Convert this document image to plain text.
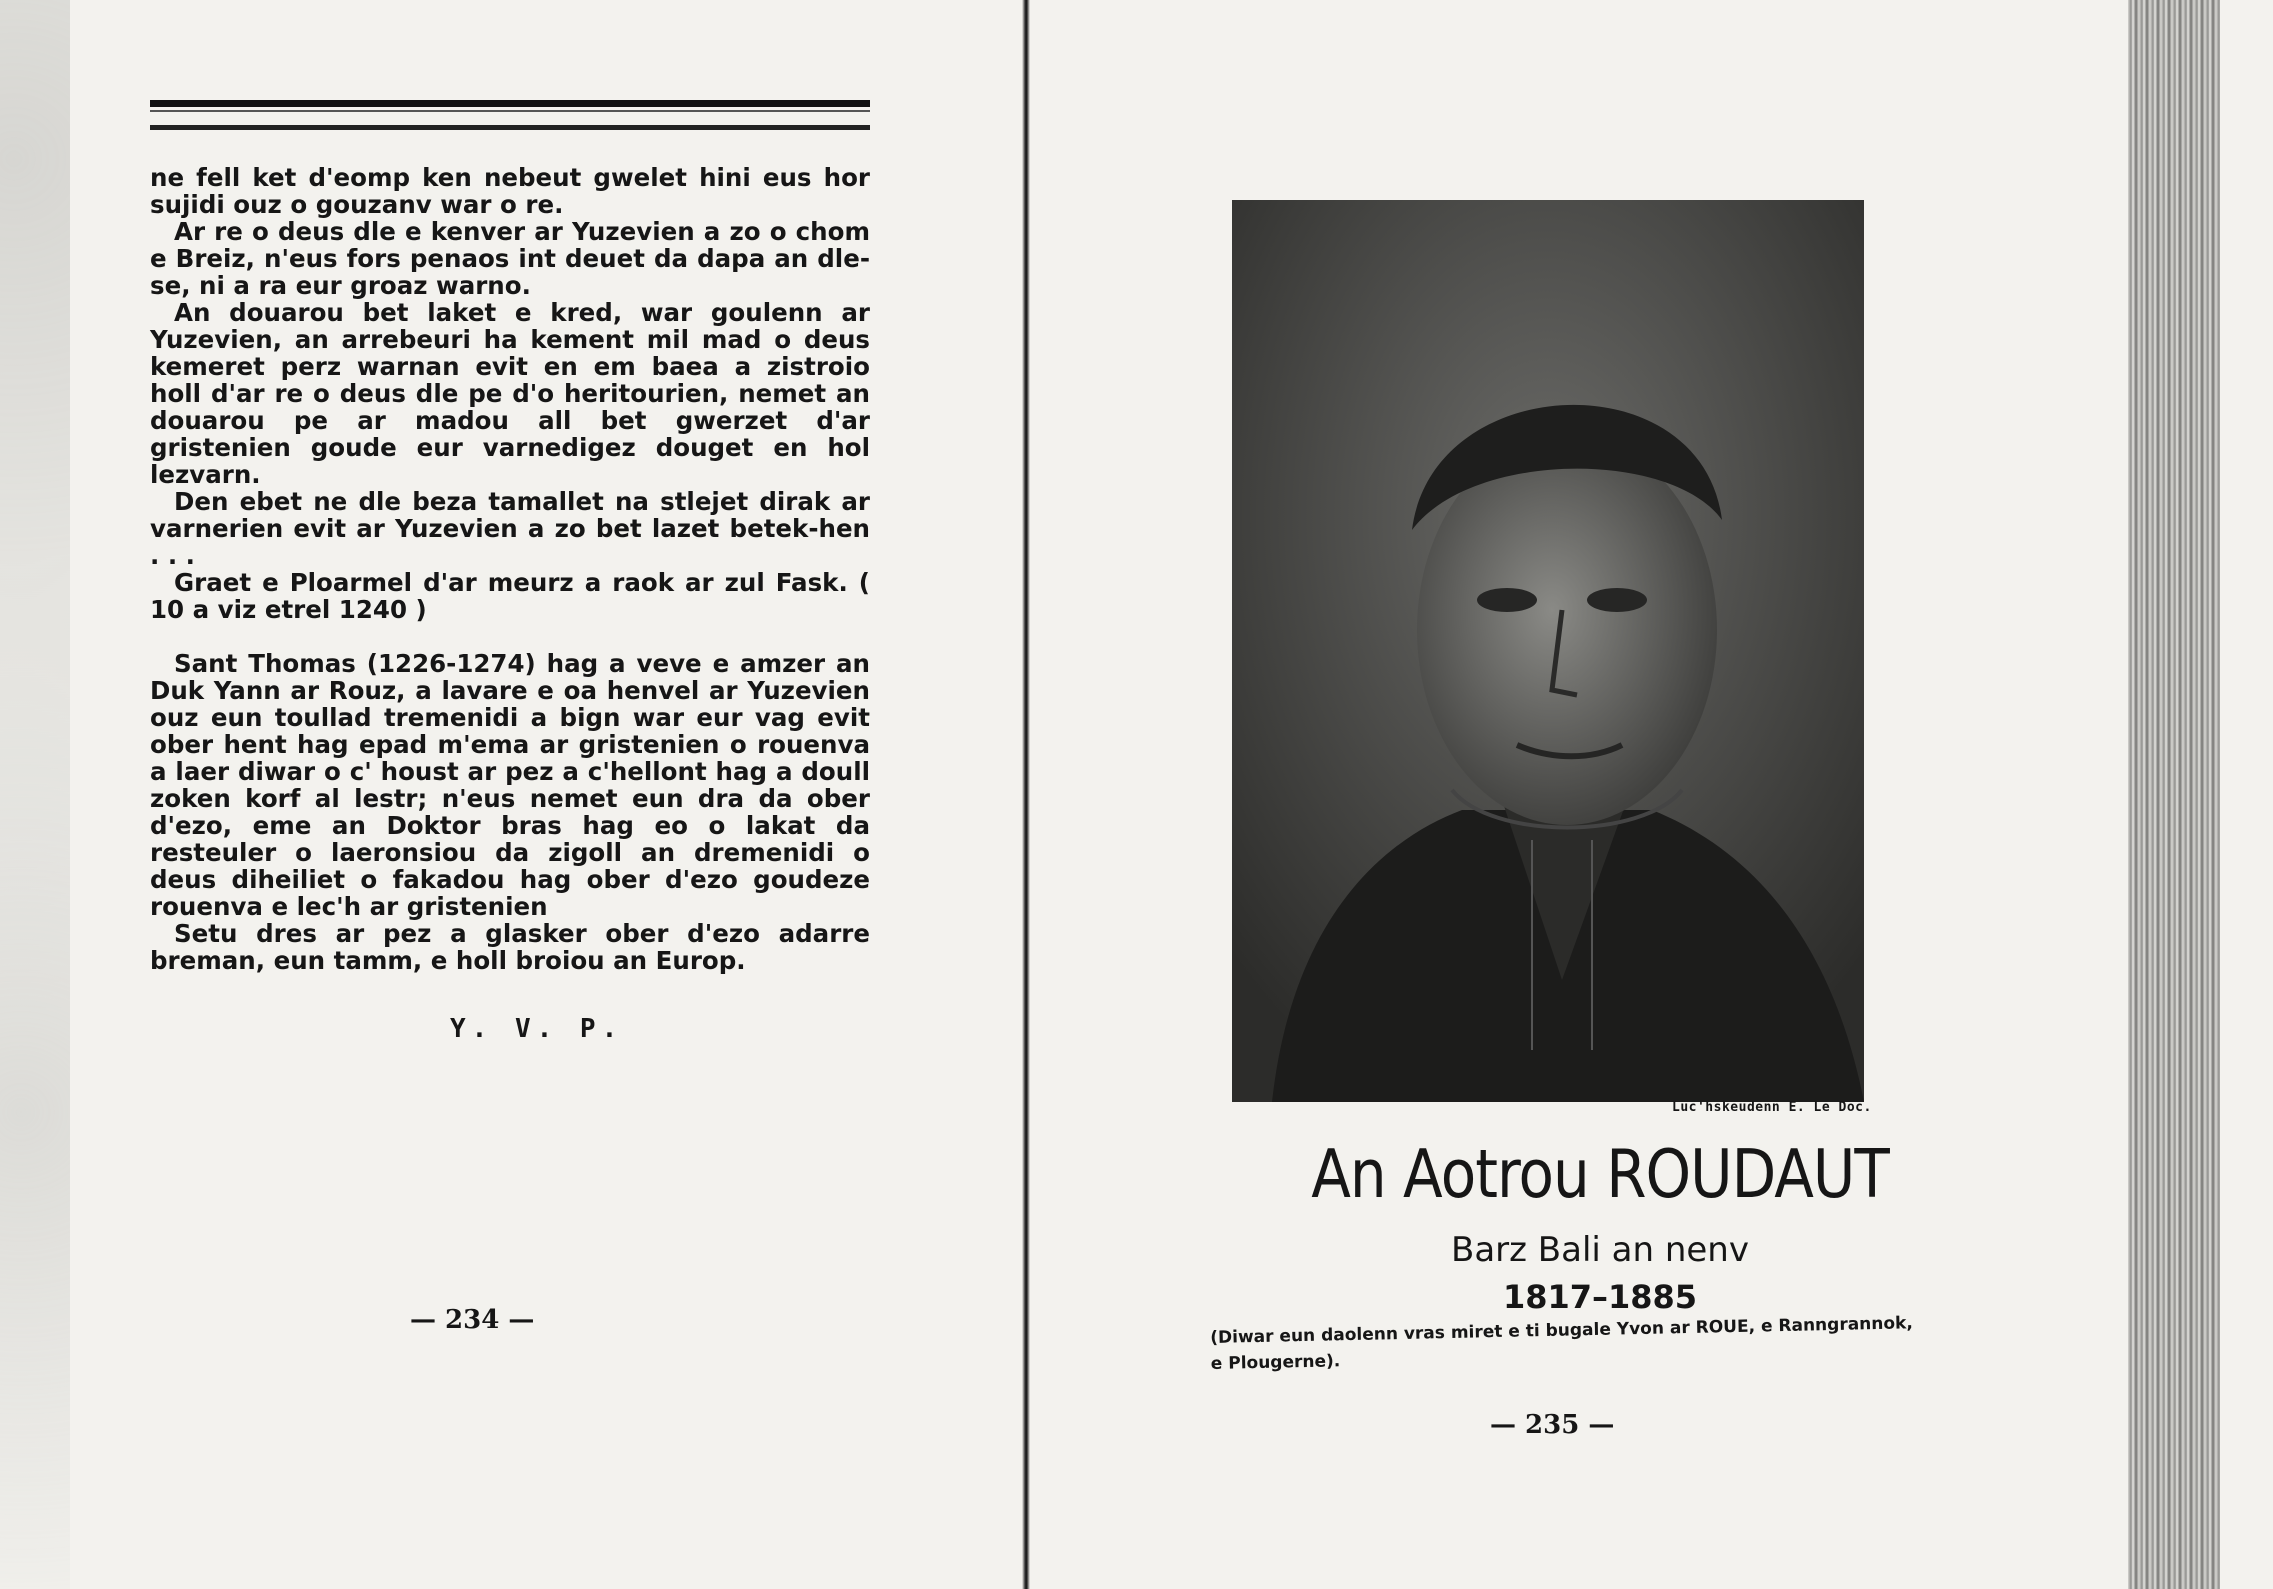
ne fell ket d'eomp ken nebeut gwelet hini eus hor sujidi ouz o gouzanv war o re.

Ar re o deus dle e kenver ar Yuzevien a zo o chom e Breiz, n'eus fors penaos int deuet da dapa an dle-se, ni a ra eur groaz warno.

An douarou bet laket e kred, war goulenn ar Yuzevien, an arrebeuri ha kement mil mad o deus kemeret perz warnan evit en em baea a zistroio holl d'ar re o deus dle pe d'o heritourien, nemet an douarou pe ar madou all bet gwerzet d'ar gristenien goude eur varnedigez douget en hol lezvarn.

Den ebet ne dle beza tamallet na stlejet dirak ar varnerien evit ar Yuzevien a zo bet lazet betek-hen . . .

Graet e Ploarmel d'ar meurz a raok ar zul Fask. ( 10 a viz etrel 1240 )

Sant Thomas (1226-1274) hag a veve e amzer an Duk Yann ar Rouz, a lavare e oa henvel ar Yuzevien ouz eun toullad tremenidi a bign war eur vag evit ober hent hag epad m'ema ar gristenien o rouenva a laer diwar o c' houst ar pez a c'hellont hag a doull zoken korf al lestr; n'eus nemet eun dra da ober d'ezo, eme an Doktor bras hag eo o lakat da resteuler o laeronsiou da zigoll an dremenidi o deus diheiliet o fakadou hag ober d'ezo goudeze rouenva e lec'h ar gristenien

Setu dres ar pez a glasker ober d'ezo adarre breman, eun tamm, e holl broiou an Europ.

Y. V. P.
— 234 —
Luc'hskeudenn E. Le Doc.
An Aotrou ROUDAUT
Barz Bali an nenv
1817–1885
(Diwar eun daolenn vras miret e ti bugale Yvon ar ROUE, e Ranngrannok, e Plougerne).
— 235 —
